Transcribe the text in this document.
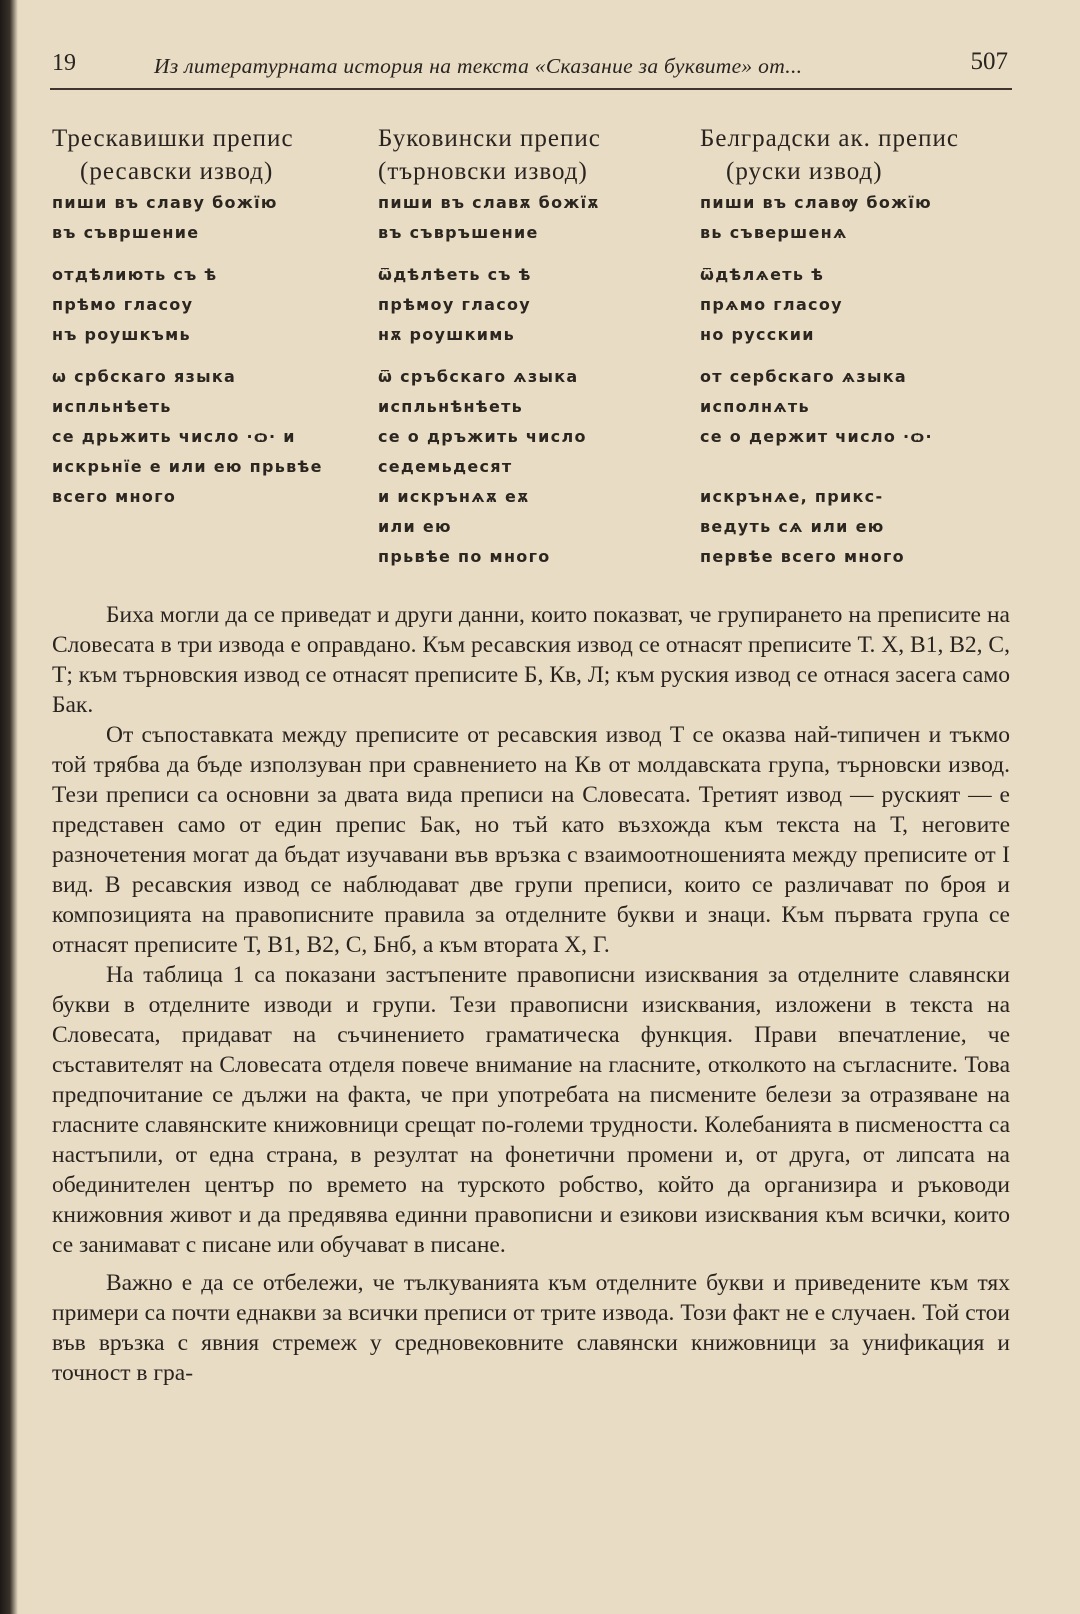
19	Из литературната история на текста «Сказание за буквите» от...	507
Трескавишки препис
(ресавски извод)
пиши въ славу божїю
въ съвршение
отдѣлиють съ ѣ
прѣмо гласоу
нъ роушкъмь
ѡ србскаго языка
испльнѣеть
се дрьжить число ·ѻ· и
искрьнїе е или ею прьвѣе
всего много
Буковински препис
(търновски извод)
пиши въ славѫ божїѫ
въ съвръшение
ѿдѣлѣеть съ ѣ
прѣмоу гласоу
нѫ роушкимь
ѿ сръбскаго ѧзыка
испльнѣнѣеть
се о дръжить число
седемьдесят
и искрънѧѫ еѫ
или ею
прьвѣе по много
Белградски ак. препис
(руски извод)
пиши въ славѹ божїю
вь съвершенѧ
ѿдѣлѧеть ѣ
прѧмо гласоу
но русскии
от сербскаго ѧзыка
исполнѧть
се о держит число ·ѻ·

искрънѧе, прикс-
ведуть сѧ или ею
первѣе всего много

Биха могли да се приведат и други данни, които показват, че групирането на преписите на Словесата в три извода е оправдано. Към ресавския извод се отнасят преписите Т. Х, В1, В2, С, Т; към търновския извод се отнасят преписите Б, Кв, Л; към руския извод се отнася засега само Бак.

От съпоставката между преписите от ресавския извод Т се оказва най-типичен и тъкмо той трябва да бъде използуван при сравнението на Кв от молдавската група, търновски извод. Тези преписи са основни за двата вида преписи на Словесата. Третият извод — руският — е представен само от един препис Бак, но тъй като възхожда към текста на Т, неговите разночетения могат да бъдат изучавани във връзка с взаимоотношенията между преписите от I вид. В ресавския извод се наблюдават две групи преписи, които се различават по броя и композицията на правописните правила за отделните букви и знаци. Към първата група се отнасят преписите Т, В1, В2, С, Бнб, а към втората Х, Г.

На таблица 1 са показани застъпените правописни изисквания за отделните славянски букви в отделните изводи и групи. Тези правописни изисквания, изложени в текста на Словесата, придават на съчинението граматическа функция. Прави впечатление, че съставителят на Словесата отделя повече внимание на гласните, отколкото на съгласните. Това предпочитание се дължи на факта, че при употребата на писмените белези за отразяване на гласните славянските книжовници срещат по-големи трудности. Колебанията в писмеността са настъпили, от една страна, в резултат на фонетични промени и, от друга, от липсата на обединителен център по времето на турското робство, който да организира и ръководи книжовния живот и да предявява единни правописни и езикови изисквания към всички, които се занимават с писане или обучават в писане.

Важно е да се отбележи, че тълкуванията към отделните букви и приведените към тях примери са почти еднакви за всички преписи от трите извода. Този факт не е случаен. Той стои във връзка с явния стремеж у средновековните славянски книжовници за унификация и точност в гра-
